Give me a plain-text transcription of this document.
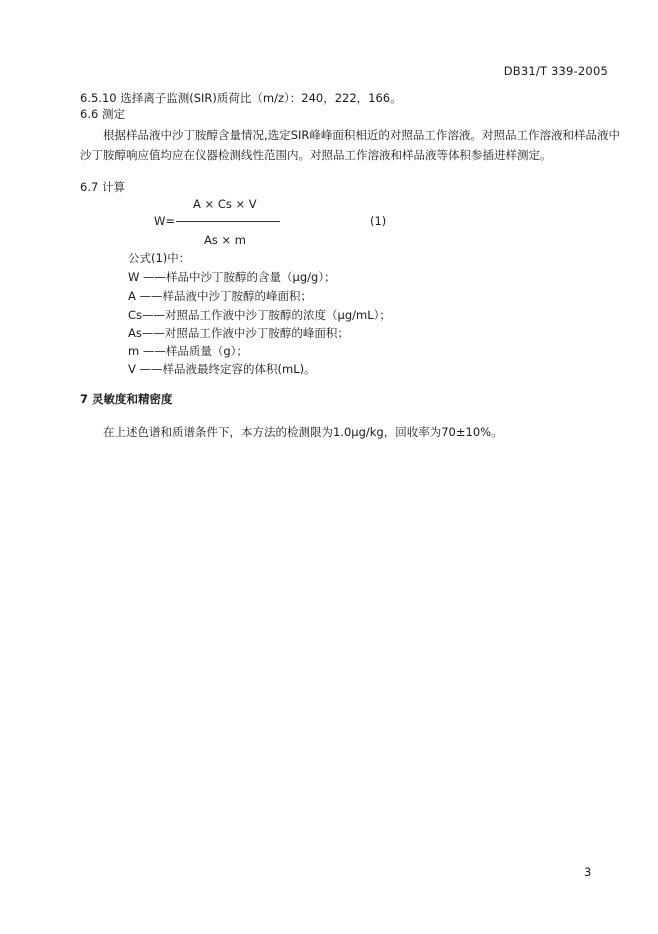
DB31/T 339-2005
6.5.10 选择离子监测(SIR)质荷比（m/z）：240，222，166。
6.6 测定
根据样品液中沙丁胺醇含量情况,选定SIR峰峰面积相近的对照品工作溶液。对照品工作溶液和样品液中沙丁胺醇响应值均应在仪器检测线性范围内。对照品工作溶液和样品液等体积参插进样测定。
6.7 计算
A × Cs × V
W=
As × m
(1)
公式(1)中：
W ——样品中沙丁胺醇的含量（μg/g）；
A ——样品液中沙丁胺醇的峰面积；
Cs——对照品工作液中沙丁胺醇的浓度（μg/mL）；
As——对照品工作液中沙丁胺醇的峰面积；
m ——样品质量（g）；
V ——样品液最终定容的体积(mL)。
7 灵敏度和精密度
在上述色谱和质谱条件下，本方法的检测限为1.0μg/kg，回收率为70±10%。
3
